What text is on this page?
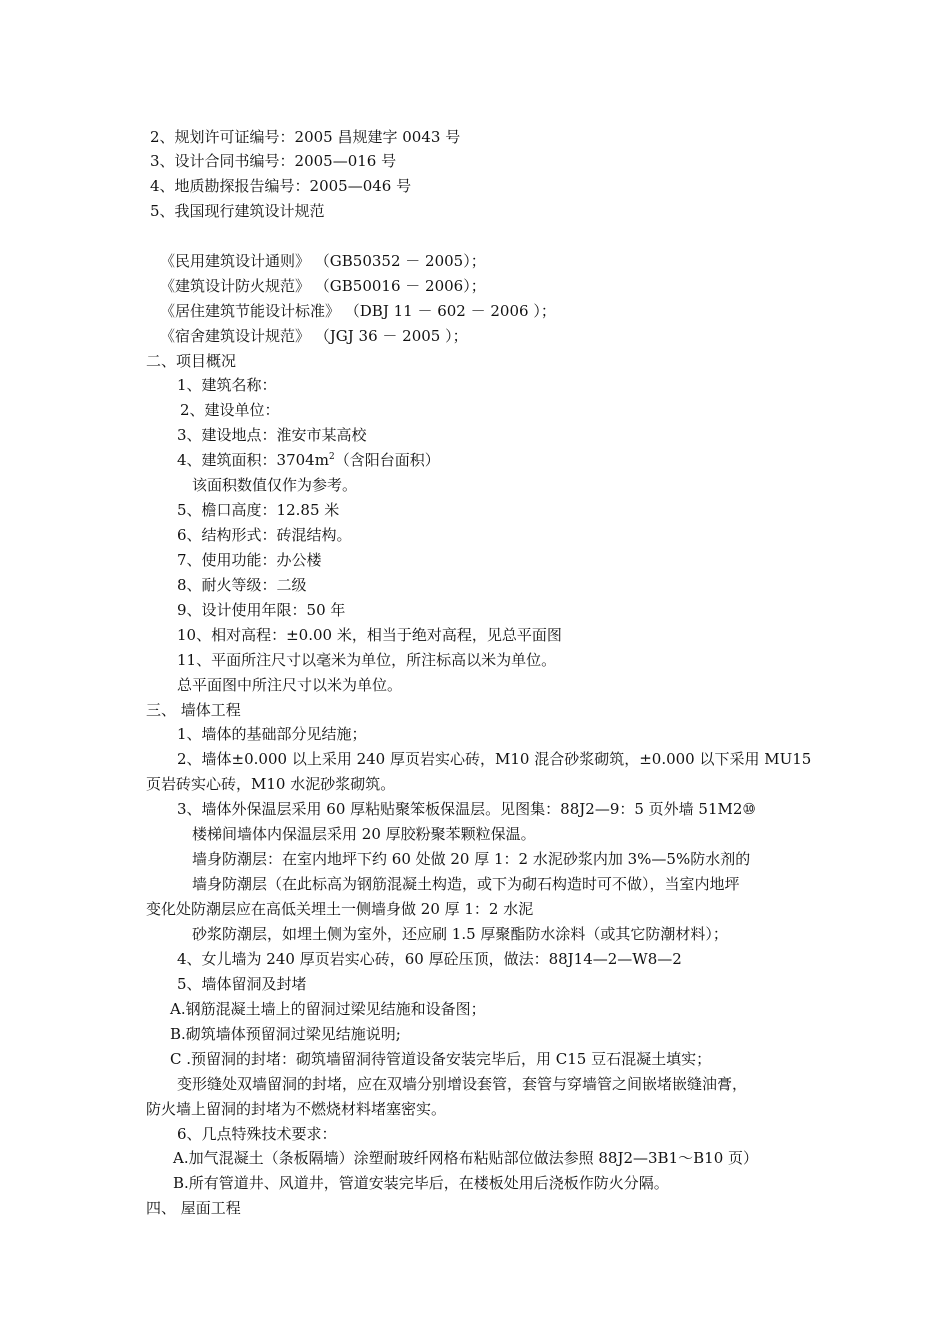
2、规划许可证编号：2005 昌规建字 0043 号
3、设计合同书编号：2005—016 号
4、地质勘探报告编号：2005—046 号
5、我国现行建筑设计规范
《民用建筑设计通则》 （GB50352 － 2005）；
《建筑设计防火规范》 （GB50016 － 2006）；
《居住建筑节能设计标准》 （DBJ 11 － 602 － 2006 ）；
《宿舍建筑设计规范》 （JGJ 36 － 2005 ）；
二、项目概况
1、建筑名称：
2、建设单位：
3、建设地点：淮安市某高校
4、建筑面积：$3704m^2$（含阳台面积）
该面积数值仅作为参考。
5、檐口高度：12.85 米
6、结构形式：砖混结构。
7、使用功能：办公楼
8、耐火等级：二级
9、设计使用年限：50 年
10、相对高程：±0.00 米，相当于绝对高程，见总平面图
11、平面所注尺寸以毫米为单位，所注标高以米为单位。
总平面图中所注尺寸以米为单位。
三、 墙体工程
1、墙体的基础部分见结施；
2、墙体±0.000 以上采用 240 厚页岩实心砖，M10 混合砂浆砌筑，±0.000 以下采用 MU15
页岩砖实心砖，M10 水泥砂浆砌筑。
3、墙体外保温层采用 60 厚粘贴聚笨板保温层。见图集：88J2—9：5 页外墙 51M2⑩
楼梯间墙体内保温层采用 20 厚胶粉聚苯颗粒保温。
墙身防潮层：在室内地坪下约 60 处做 20 厚 1：2 水泥砂浆内加 3%—5%防水剂的
墙身防潮层（在此标高为钢筋混凝土构造，或下为砌石构造时可不做），当室内地坪
变化处防潮层应在高低关埋土一侧墙身做 20 厚 1：2 水泥
砂浆防潮层，如埋土侧为室外，还应刷 1.5 厚聚酯防水涂料（或其它防潮材料）；
4、女儿墙为 240 厚页岩实心砖，60 厚砼压顶，做法：88J14—2—W8—2
5、墙体留洞及封堵
A.钢筋混凝土墙上的留洞过梁见结施和设备图；
B.砌筑墙体预留洞过梁见结施说明;
C .预留洞的封堵：砌筑墙留洞待管道设备安装完毕后，用 C15 豆石混凝土填实；
变形缝处双墙留洞的封堵，应在双墙分别增设套管，套管与穿墙管之间嵌堵嵌缝油膏，
防火墙上留洞的封堵为不燃烧材料堵塞密实。
6、几点特殊技术要求：
A.加气混凝土（条板隔墙）涂塑耐玻纤网格布粘贴部位做法参照 88J2—3B1～B10 页）
B.所有管道井、风道井，管道安装完毕后，在楼板处用后浇板作防火分隔。
四、 屋面工程
